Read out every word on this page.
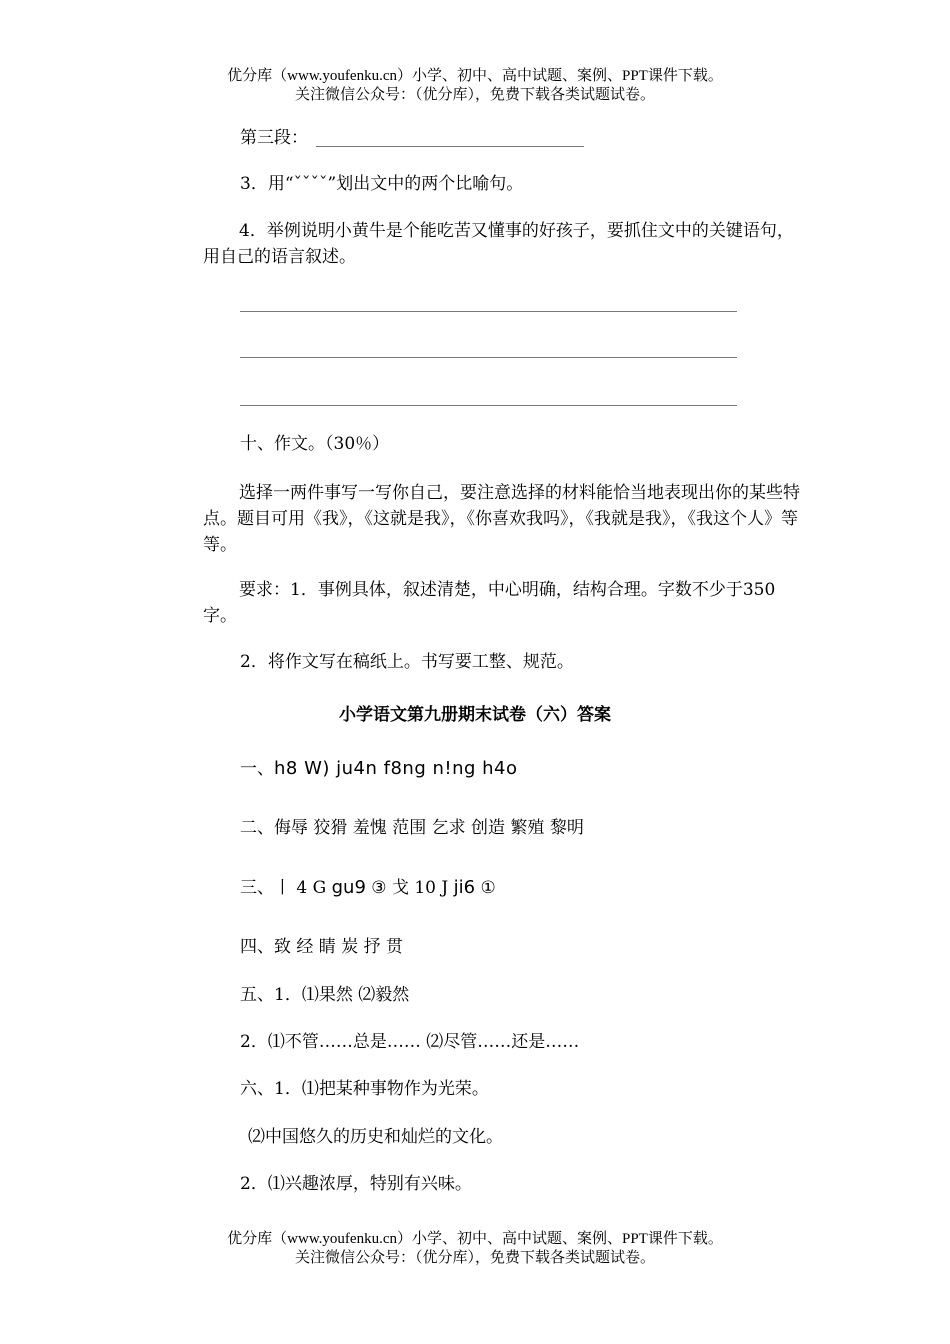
优分库（www.youfenku.cn）小学、初中、高中试题、案例、PPT课件下载。
关注微信公众号：（优分库），免费下载各类试题试卷。
第三段：
3．用“ˇˇˇˇ”划出文中的两个比喻句。
4．举例说明小黄牛是个能吃苦又懂事的好孩子，要抓住文中的关键语句，用自己的语言叙述。
十、作文。（30％）
选择一两件事写一写你自己，要注意选择的材料能恰当地表现出你的某些特点。题目可用《我》，《这就是我》，《你喜欢我吗》，《我就是我》，《我这个人》等等。
要求：1．事例具体，叙述清楚，中心明确，结构合理。字数不少于350字。
2．将作文写在稿纸上。书写要工整、规范。
小学语文第九册期末试卷（六）答案
一、h8 W) ju4n f8ng n!ng h4o
二、侮辱 狡猾 羞愧 范围 乞求 创造 繁殖 黎明
三、丨 4 G gu9 ③ 戈 10 J ji6 ①
四、致 经 睛 炭 抒 贯
五、1．⑴果然 ⑵毅然
2．⑴不管……总是…… ⑵尽管……还是……
六、1．⑴把某种事物作为光荣。
⑵中国悠久的历史和灿烂的文化。
2．⑴兴趣浓厚，特别有兴味。
优分库（www.youfenku.cn）小学、初中、高中试题、案例、PPT课件下载。
关注微信公众号：（优分库），免费下载各类试题试卷。
